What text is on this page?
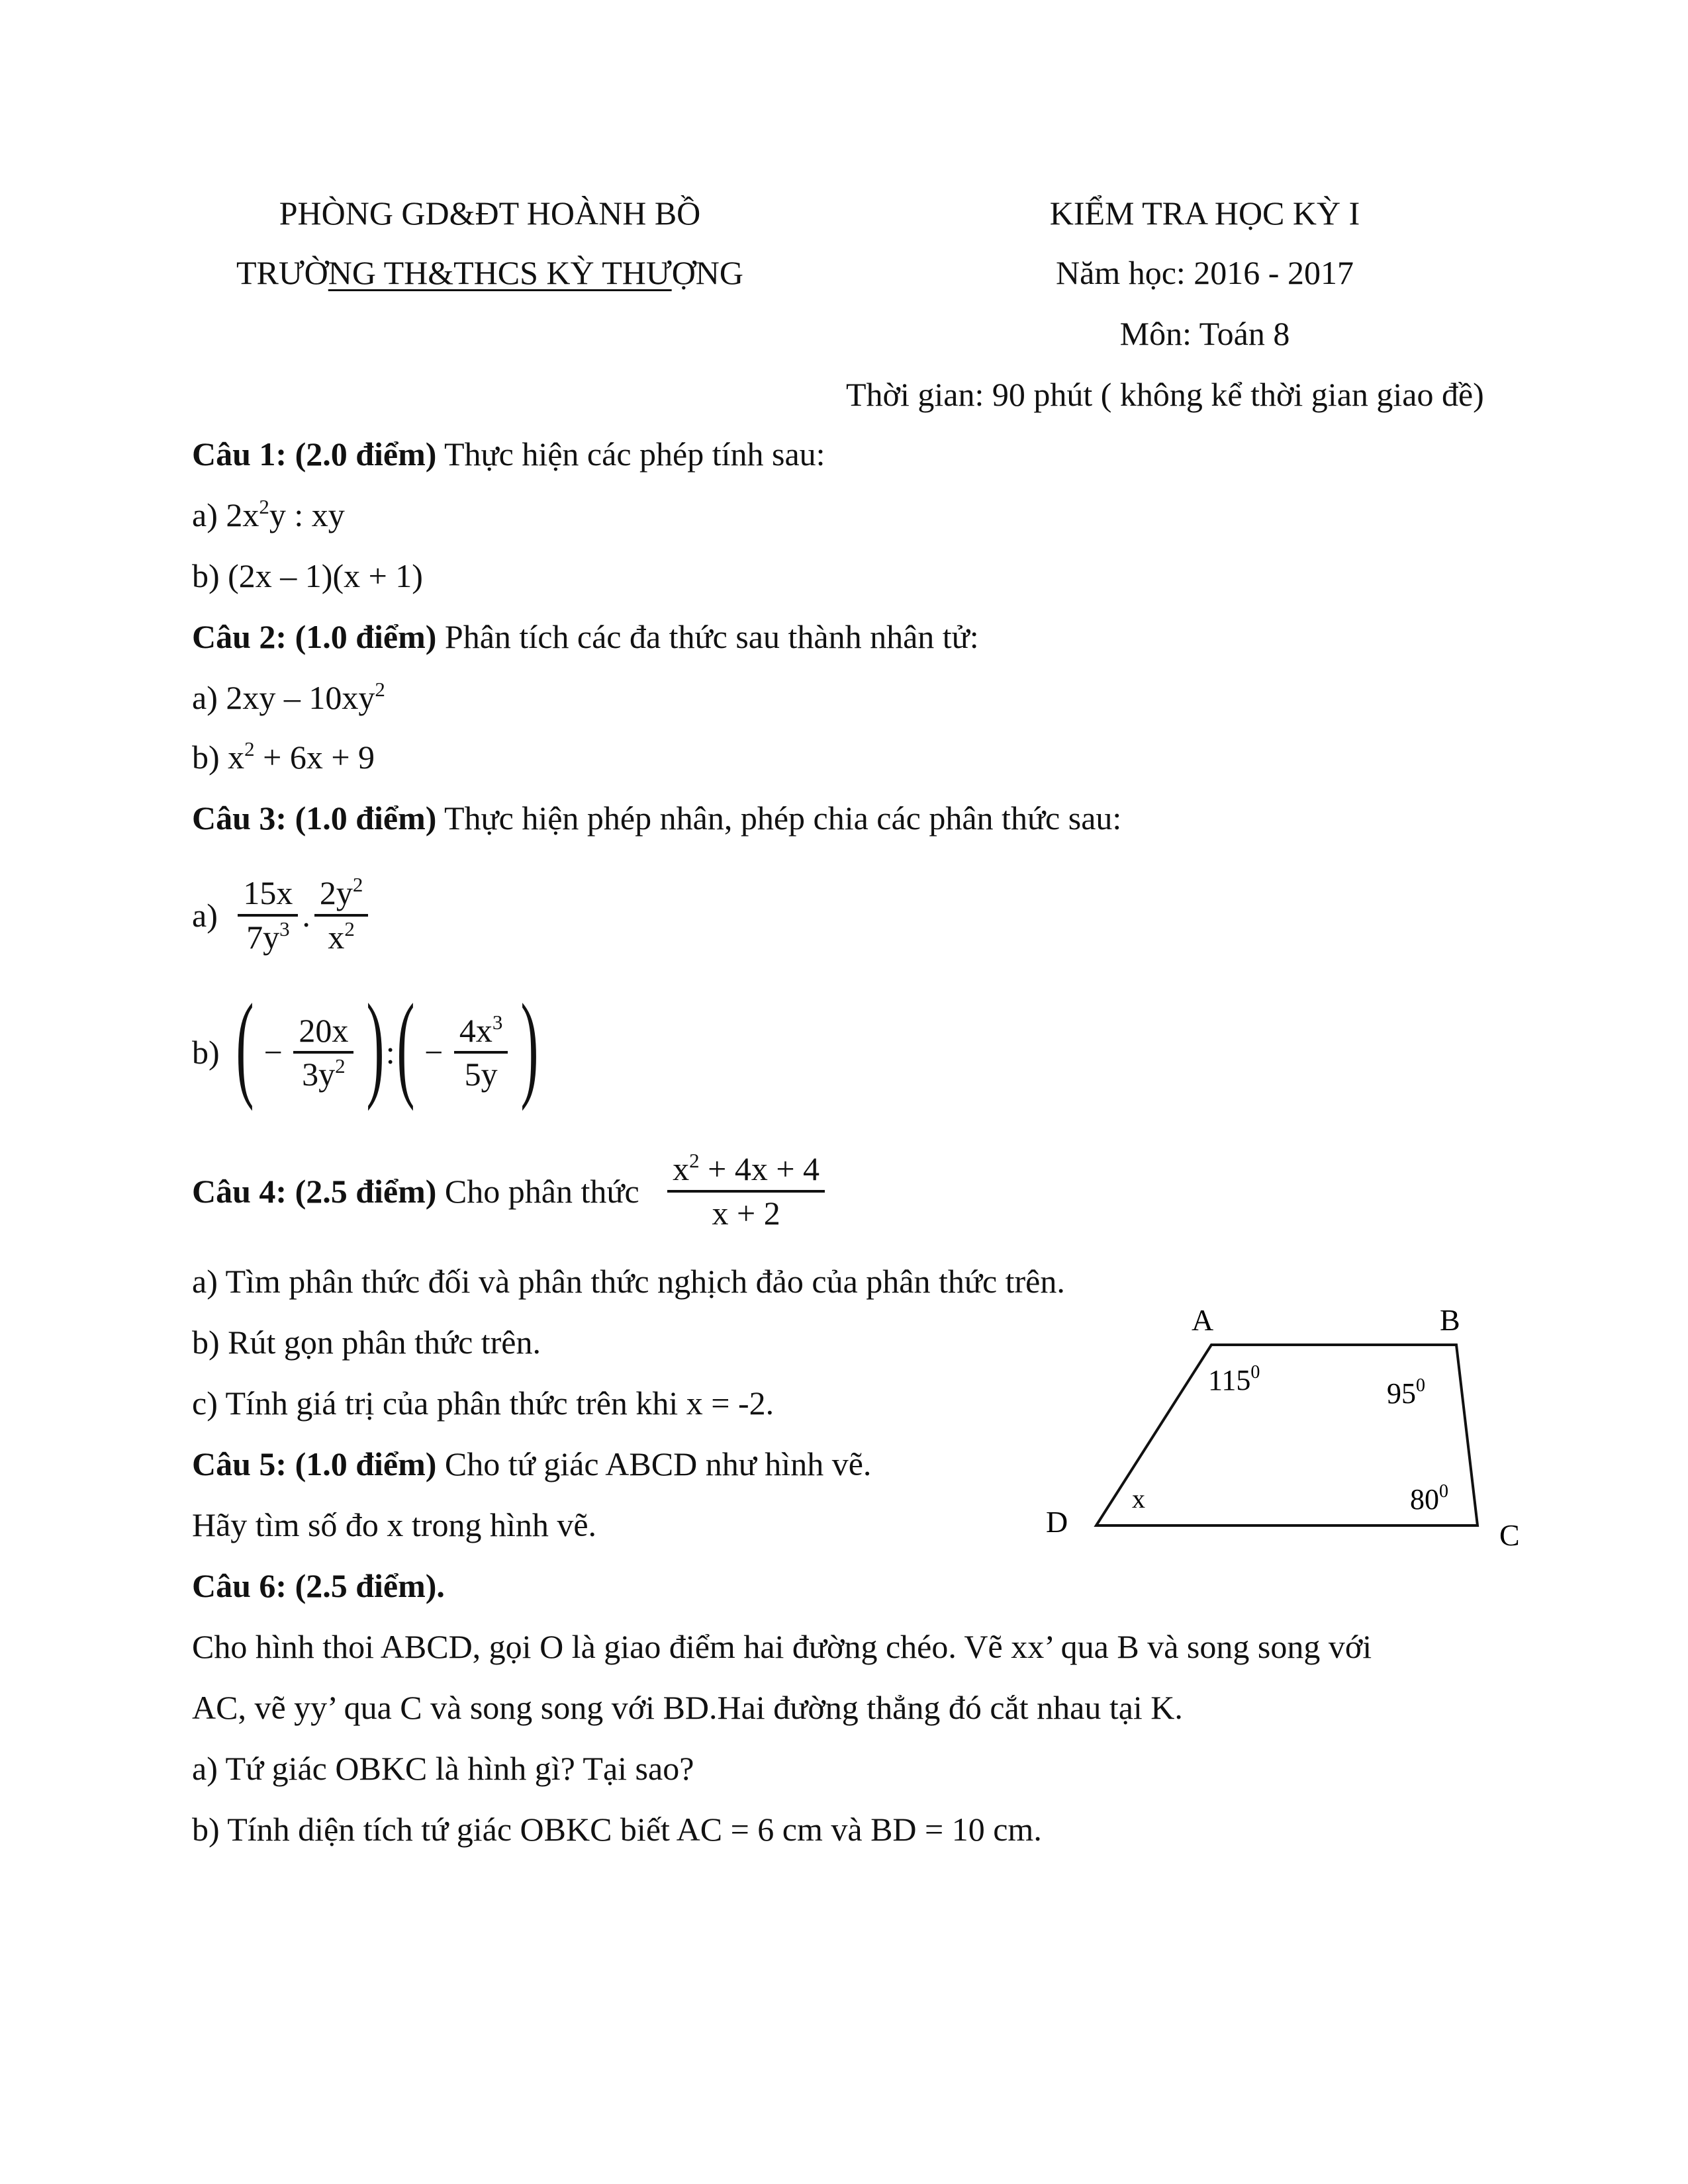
PHÒNG GD&ĐT HOÀNH BỒ
TRƯỜNG TH&THCS KỲ THƯỢNG
KIỂM TRA HỌC KỲ I
Năm học: 2016 - 2017
Môn: Toán 8
Thời gian: 90 phút ( không kể thời gian giao đề)
Câu 1: (2.0 điểm) Thực hiện các phép tính sau:
a) $2x^2y$ : xy
b) (2x – 1)(x + 1)
Câu 2: (1.0 điểm) Phân tích các đa thức sau thành nhân tử:
a) $2xy - 10xy^2$
b) $x^2 + 6x + 9$
Câu 3: (1.0 điểm) Thực hiện phép nhân, phép chia các phân thức sau:
$a) \frac{15x}{7y^3}$ . $\frac{2y^2}{x^2}$
b) ( − $\frac{20x}{3y^2}$ ):( − $\frac{4x^3}{5y}$ )
Câu 4: (2.5 điểm) Cho phân thức $\frac{x^2 + 4x + 4}{x + 2}$
a) Tìm phân thức đối và phân thức nghịch đảo của phân thức trên.
b) Rút gọn phân thức trên.
c) Tính giá trị của phân thức trên khi x = -2.
Câu 5: (1.0 điểm) Cho tứ giác ABCD như hình vẽ.
Hãy tìm số đo x trong hình vẽ.
A	B
C
D
$115^0$
$95^0$
$80^0$
x
Câu 6: (2.5 điểm).
Cho hình thoi ABCD, gọi O là giao điểm hai đường chéo. Vẽ xx’ qua B và song song với
AC, vẽ yy’ qua C và song song với BD.Hai đường thẳng đó cắt nhau tại K.
a) Tứ giác OBKC là hình gì? Tại sao?
b) Tính diện tích tứ giác OBKC biết AC = 6 cm và BD = 10 cm.
